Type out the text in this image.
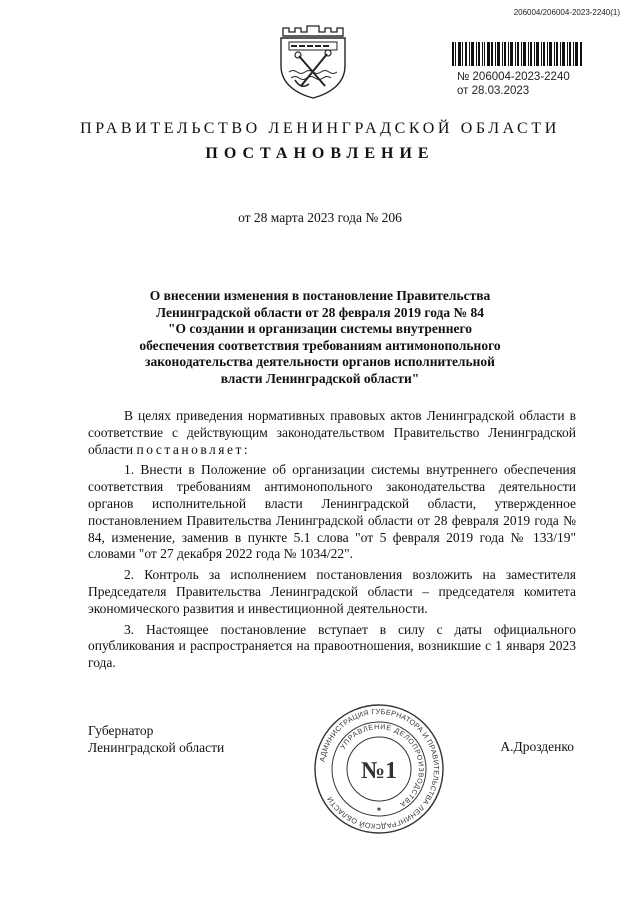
206004/206004-2023-2240(1)
№ 206004-2023-2240
от 28.03.2023
ПРАВИТЕЛЬСТВО ЛЕНИНГРАДСКОЙ ОБЛАСТИ
ПОСТАНОВЛЕНИЕ
от 28 марта 2023 года № 206
О внесении изменения в постановление Правительства
Ленинградской области от 28 февраля 2019 года № 84
"О создании и организации системы внутреннего
обеспечения соответствия требованиям антимонопольного
законодательства деятельности органов исполнительной
власти Ленинградской области"

В целях приведения нормативных правовых актов Ленинградской области в соответствие с действующим законодательством Правительство Ленинградской области постановляет:

1. Внести в Положение об организации системы внутреннего обеспечения соответствия требованиям антимонопольного законодательства деятельности органов исполнительной власти Ленинградской области, утвержденное постановлением Правительства Ленинградской области от 28 февраля 2019 года № 84, изменение, заменив в пункте 5.1 слова "от 5 февраля 2019 года № 133/19" словами "от 27 декабря 2022 года № 1034/22".

2. Контроль за исполнением постановления возложить на заместителя Председателя Правительства Ленинградской области – председателя комитета экономического развития и инвестиционной деятельности.

3. Настоящее постановление вступает в силу с даты официального опубликования и распространяется на правоотношения, возникшие с 1 января 2023 года.

Губернатор
Ленинградской области
АДМИНИСТРАЦИЯ ГУБЕРНАТОРА И ПРАВИТЕЛЬСТВА ЛЕНИНГРАДСКОЙ ОБЛАСТИ
УПРАВЛЕНИЕ ДЕЛОПРОИЗВОДСТВА
№1
✶
А.Дрозденко
